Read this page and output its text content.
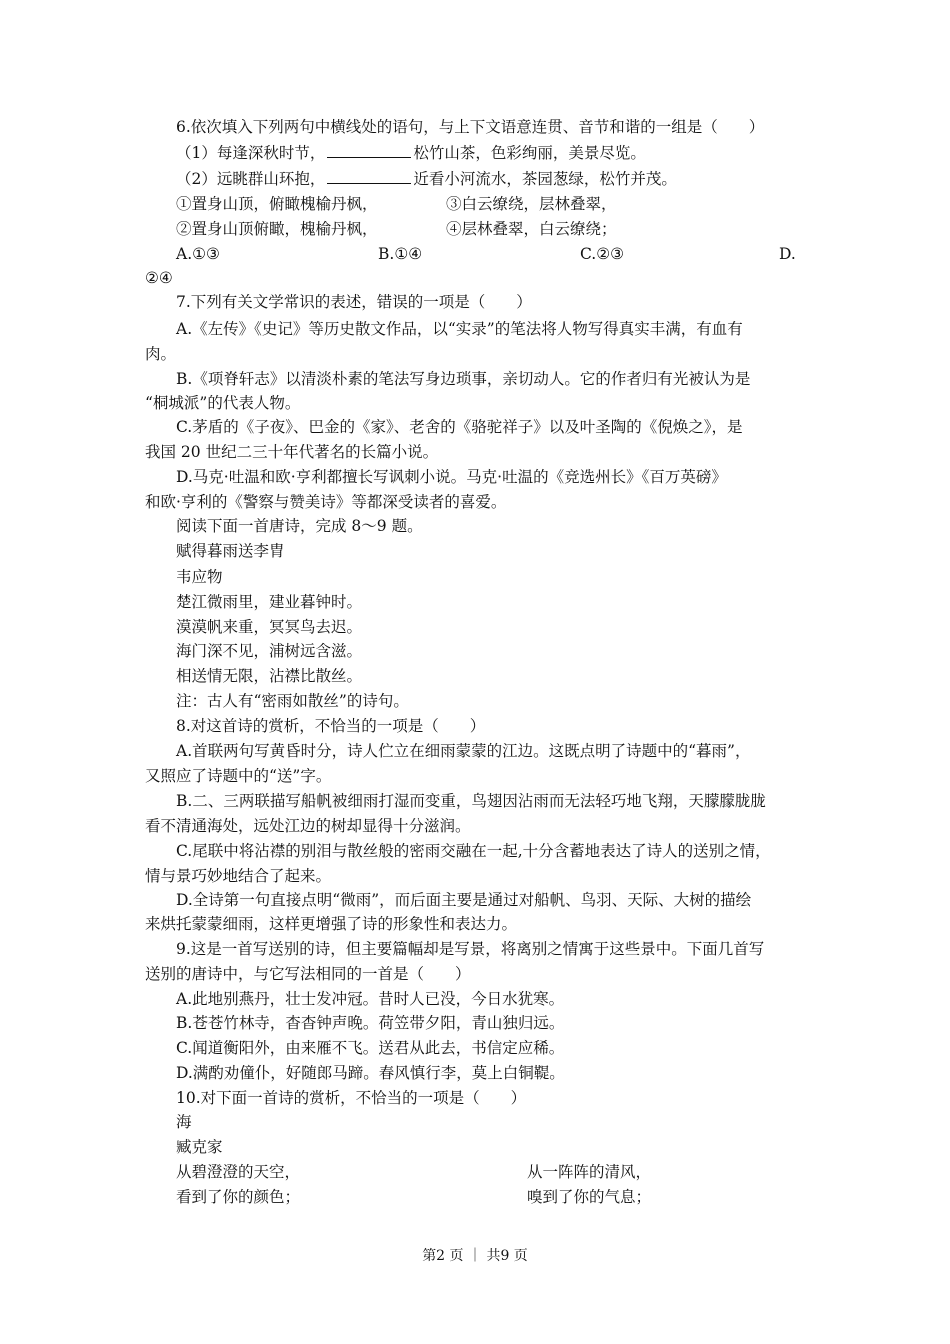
6.依次填入下列两句中横线处的语句，与上下文语意连贯、音节和谐的一组是（　　）
（1）每逢深秋时节，	松竹山茶，色彩绚丽，美景尽览。
（2）远眺群山环抱，	近看小河流水，茶园葱绿，松竹并茂。
①置身山顶，俯瞰槐榆丹枫，	③白云缭绕，层林叠翠，
②置身山顶俯瞰，槐榆丹枫，	④层林叠翠，白云缭绕；
A.①③	B.①④	C.②③	D.
②④
7.下列有关文学常识的表述，错误的一项是（　　）
A.《左传》《史记》等历史散文作品，以“实录”的笔法将人物写得真实丰满，有血有
肉。
B.《项脊轩志》以清淡朴素的笔法写身边琐事，亲切动人。它的作者归有光被认为是
“桐城派”的代表人物。
C.茅盾的《子夜》、巴金的《家》、老舍的《骆驼祥子》以及叶圣陶的《倪焕之》，是
我国 20 世纪二三十年代著名的长篇小说。
D.马克·吐温和欧·亨利都擅长写讽刺小说。马克·吐温的《竞选州长》《百万英磅》
和欧·亨利的《警察与赞美诗》等都深受读者的喜爱。
阅读下面一首唐诗，完成 8～9 题。
赋得暮雨送李胄
韦应物
楚江微雨里，建业暮钟时。
漠漠帆来重，冥冥鸟去迟。
海门深不见，浦树远含滋。
相送情无限，沾襟比散丝。
注：古人有“密雨如散丝”的诗句。
8.对这首诗的赏析，不恰当的一项是（　　）
A.首联两句写黄昏时分，诗人伫立在细雨蒙蒙的江边。这既点明了诗题中的“暮雨”，
又照应了诗题中的“送”字。
B.二、三两联描写船帆被细雨打湿而变重，鸟翅因沾雨而无法轻巧地飞翔，天朦朦胧胧
看不清通海处，远处江边的树却显得十分滋润。
C.尾联中将沾襟的别泪与散丝般的密雨交融在一起,十分含蓄地表达了诗人的送别之情，
情与景巧妙地结合了起来。
D.全诗第一句直接点明“微雨”，而后面主要是通过对船帆、鸟羽、天际、大树的描绘
来烘托蒙蒙细雨，这样更增强了诗的形象性和表达力。
9.这是一首写送别的诗，但主要篇幅却是写景，将离别之情寓于这些景中。下面几首写
送别的唐诗中，与它写法相同的一首是（　　）
A.此地别燕丹，壮士发冲冠。昔时人已没，今日水犹寒。
B.苍苍竹林寺，杳杳钟声晚。荷笠带夕阳，青山独归远。
C.闻道衡阳外，由来雁不飞。送君从此去，书信定应稀。
D.满酌劝僮仆，好随郎马蹄。春风慎行李，莫上白铜鞮。
10.对下面一首诗的赏析，不恰当的一项是（　　）
海
臧克家
从碧澄澄的天空，	从一阵阵的清风，
看到了你的颜色；	嗅到了你的气息；
第2 页 ｜ 共9 页
